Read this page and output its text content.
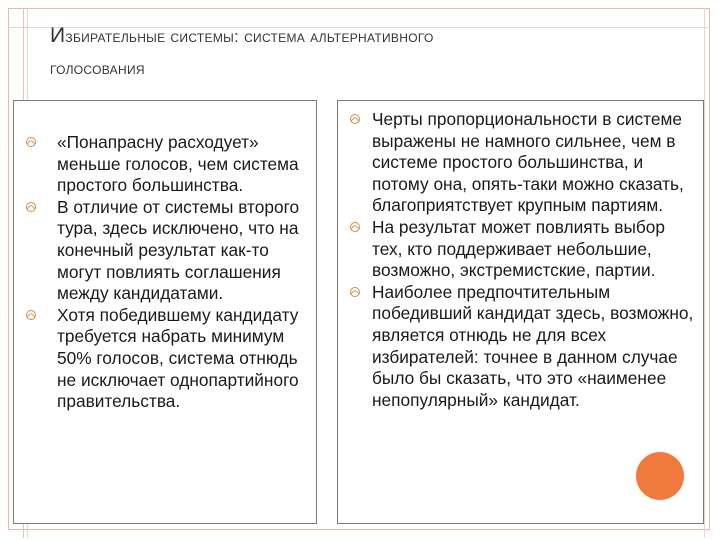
Избирательные системы: система альтернативного
голосования
«Понапрасну расходует» меньше голосов, чем система простого большинства.
В отличие от системы второго тура, здесь исключено, что на конечный результат как-то могут повлиять соглашения между кандидатами.
Хотя победившему кандидату требуется набрать минимум 50% голосов, система отнюдь не исключает однопартийного правительства.
Черты пропорциональности в системе выражены не намного сильнее, чем в системе простого большинства, и потому она, опять-таки можно сказать, благоприятствует крупным партиям.
На результат может повлиять выбор тех, кто поддерживает небольшие, возможно, экстремистские, партии.
Наиболее предпочтительным победивший кандидат здесь, возможно, является отнюдь не для всех избирателей: точнее в данном случае было бы сказать, что это «наименее непопулярный» кандидат.
